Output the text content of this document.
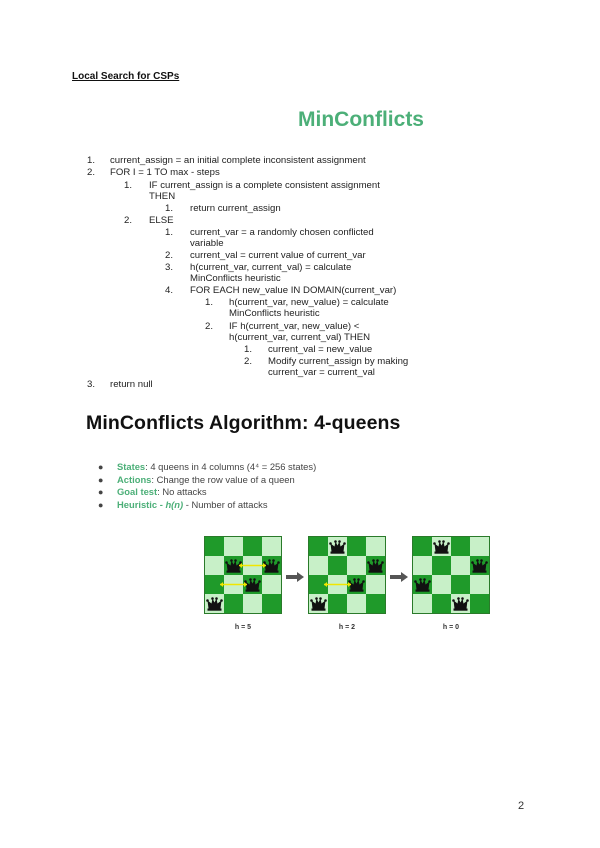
Local Search for CSPs
MinConflicts
1.	current_assign = an initial complete inconsistent assignment
2.	FOR I = 1 TO max - steps
1.	IF current_assign is a complete consistent assignment
THEN
1.	return current_assign
2.	ELSE
1.	current_var = a randomly chosen conflicted
variable
2.	current_val = current value of current_var
3.	h(current_var, current_val) = calculate
MinConflicts heuristic
4.	FOR EACH new_value IN DOMAIN(current_var)
1.	h(current_var, new_value) = calculate
MinConflicts heuristic
2.	IF h(current_var, new_value) <
h(current_var, current_val) THEN
1.	current_val = new_value
2.	Modify current_assign by making
current_var = current_val
3.	return null
MinConflicts Algorithm: 4-queens
● States: 4 queens in 4 columns (4⁴ = 256 states)
● Actions: Change the row value of a queen
● Goal test: No attacks
● Heuristic - h(n) - Number of attacks
h = 5	h = 2	h = 0
2
